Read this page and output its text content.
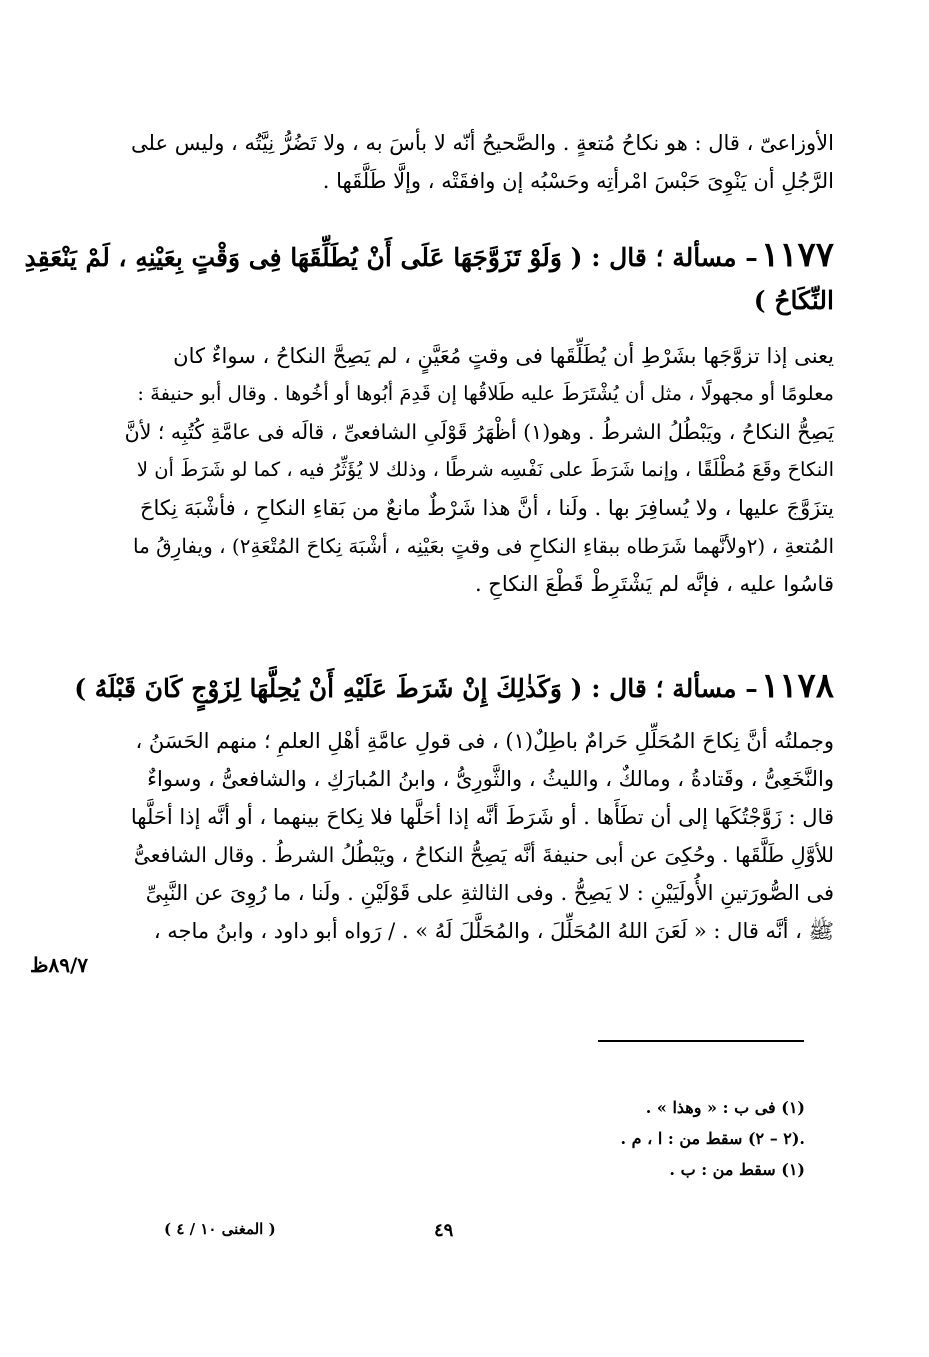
الأوزاعىّ ، قال : هو نكاحُ مُتعةٍ . والصَّحيحُ أنّه لا بأسَ به ، ولا تَضُرُّ نِيَّتُه ، وليس على
الرَّجُلِ أن يَنْوِىَ حَبْسَ امْرأتِه وحَسْبُه إن وافقَتْه ، وإلَّا طَلَّقَها .
١١٧٧ – مسألة ؛ قال : ( وَلَوْ تَزَوَّجَهَا عَلَى أَنْ يُطَلِّقَهَا فِى وَقْتٍ بِعَيْنِهِ ، لَمْ يَنْعَقِدِ
النِّكَاحُ )
يعنى إذا تزوَّجَها بشَرْطِ أن يُطَلِّقَها فى وقتٍ مُعَيَّنٍ ، لم يَصِحَّ النكاحُ ، سواءٌ كان
معلومًا أو مجهولًا ، مثل أن يُشْتَرَطَ عليه طَلاقُها إن قَدِمَ أبُوها أو أخُوها . وقال أبو حنيفةَ :
يَصِحُّ النكاحُ ، ويَبْطُلُ الشرطُ . وهو(١) أظْهَرُ قَوْلَىِ الشافعىِّ ، قالَه فى عامَّةِ كُتُبِه ؛ لأنَّ
النكاحَ وقَعَ مُطْلَقًا ، وإنما شَرَطَ على نَفْسِه شرطًا ، وذلك لا يُؤَثِّرُ فيه ، كما لو شَرَطَ أن لا
يتزَوَّجَ عليها ، ولا يُسافِرَ بها . ولَنا ، أنَّ هذا شَرْطٌ مانعٌ من بَقاءِ النكاحِ ، فأشْبَهَ نِكاحَ
المُتعةِ ، (٢ولأنَّهما شَرَطاه ببقاءِ النكاحِ فى وقتٍ بعَيْنِه ، أشْبَهَ نِكاحَ المُتْعَةِ٢) ، ويفارِقُ ما
قاسُوا عليه ، فإنَّه لم يَشْتَرِطْ قَطْعَ النكاحِ .
١١٧٨ – مسألة ؛ قال : ( وَكَذٰلِكَ إِنْ شَرَطَ عَلَيْهِ أَنْ يُحِلَّهَا لِزَوْجٍ كَانَ قَبْلَهُ )
وجملتُه أنَّ نِكاحَ المُحَلِّلِ حَرامٌ باطِلٌ(١) ، فى قولِ عامَّةِ أهْلِ العلمِ ؛ منهم الحَسَنُ ،
والنَّخَعِىُّ ، وقَتادةُ ، ومالكٌ ، والليثُ ، والثَّورِىُّ ، وابنُ المُبارَكِ ، والشافعىُّ ، وسواءٌ
قال : زَوَّجْتُكَها إلى أن تطَأَها . أو شَرَطَ أنَّه إذا أحَلَّها فلا نِكاحَ بينهما ، أو أنَّه إذا أحَلَّها
للأوَّلِ طَلَّقَها . وحُكِىَ عن أبى حنيفةَ أنَّه يَصِحُّ النكاحُ ، ويَبْطُلُ الشرطُ . وقال الشافعىُّ
فى الصُّورَتينِ الأُولَيَيْنِ : لا يَصِحُّ . وفى الثالثةِ على قَوْلَيْنِ . ولَنا ، ما رُوِىَ عن النَّبِىِّ
ﷺ ، أنَّه قال : « لَعَنَ اللهُ المُحَلِّلَ ، والمُحَلَّلَ لَهُ » . / رَواه أبو داود ، وابنُ ماجه ،
٨٩/٧ظ
(١) فى ب : « وهذا » .
.(٢ – ٢) سقط من : ا ، م .
(١) سقط من : ب .
٤٩
( المغنى ١٠ / ٤ )
